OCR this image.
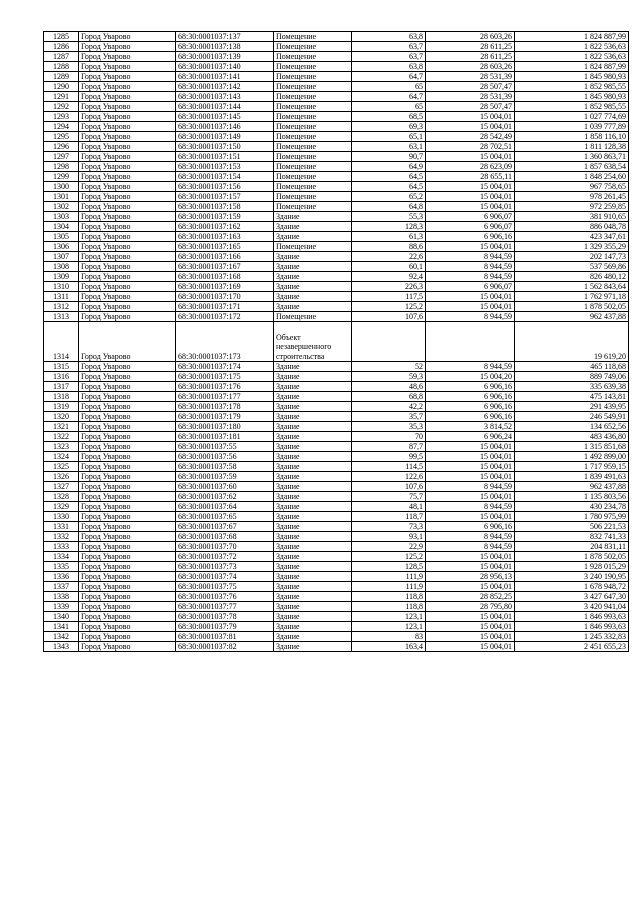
1285	Город Уварово	68:30:0001037:137	Помещение	63,8	28 603,26	1 824 887,99
1286	Город Уварово	68:30:0001037:138	Помещение	63,7	28 611,25	1 822 536,63
1287	Город Уварово	68:30:0001037:139	Помещение	63,7	28 611,25	1 822 536,63
1288	Город Уварово	68:30:0001037:140	Помещение	63,8	28 603,26	1 824 887,99
1289	Город Уварово	68:30:0001037:141	Помещение	64,7	28 531,39	1 845 980,93
1290	Город Уварово	68:30:0001037:142	Помещение	65	28 507,47	1 852 985,55
1291	Город Уварово	68:30:0001037:143	Помещение	64,7	28 531,39	1 845 980,93
1292	Город Уварово	68:30:0001037:144	Помещение	65	28 507,47	1 852 985,55
1293	Город Уварово	68:30:0001037:145	Помещение	68,5	15 004,01	1 027 774,69
1294	Город Уварово	68:30:0001037:146	Помещение	69,3	15 004,01	1 039 777,89
1295	Город Уварово	68:30:0001037:149	Помещение	65,1	28 542,49	1 858 116,10
1296	Город Уварово	68:30:0001037:150	Помещение	63,1	28 702,51	1 811 128,38
1297	Город Уварово	68:30:0001037:151	Помещение	90,7	15 004,01	1 360 863,71
1298	Город Уварово	68:30:0001037:153	Помещение	64,9	28 623,09	1 857 638,54
1299	Город Уварово	68:30:0001037:154	Помещение	64,5	28 655,11	1 848 254,60
1300	Город Уварово	68:30:0001037:156	Помещение	64,5	15 004,01	967 758,65
1301	Город Уварово	68:30:0001037:157	Помещение	65,2	15 004,01	978 261,45
1302	Город Уварово	68:30:0001037:158	Помещение	64,8	15 004,01	972 259,85
1303	Город Уварово	68:30:0001037:159	Здание	55,3	6 906,07	381 910,65
1304	Город Уварово	68:30:0001037:162	Здание	128,3	6 906,07	886 048,78
1305	Город Уварово	68:30:0001037:163	Здание	61,3	6 906,16	423 347,61
1306	Город Уварово	68:30:0001037:165	Помещение	88,6	15 004,01	1 329 355,29
1307	Город Уварово	68:30:0001037:166	Здание	22,6	8 944,59	202 147,73
1308	Город Уварово	68:30:0001037:167	Здание	60,1	8 944,59	537 569,86
1309	Город Уварово	68:30:0001037:168	Здание	92,4	8 944,59	826 480,12
1310	Город Уварово	68:30:0001037:169	Здание	226,3	6 906,07	1 562 843,64
1311	Город Уварово	68:30:0001037:170	Здание	117,5	15 004,01	1 762 971,18
1312	Город Уварово	68:30:0001037:171	Здание	125,2	15 004,01	1 878 502,05
1313	Город Уварово	68:30:0001037:172	Помещение	107,6	8 944,59	962 437,88
1314	Город Уварово	68:30:0001037:173	Объект незавершенного строительства			19 619,20
1315	Город Уварово	68:30:0001037:174	Здание	52	8 944,59	465 118,68
1316	Город Уварово	68:30:0001037:175	Здание	59,3	15 004,20	889 749,06
1317	Город Уварово	68:30:0001037:176	Здание	48,6	6 906,16	335 639,38
1318	Город Уварово	68:30:0001037:177	Здание	68,8	6 906,16	475 143,81
1319	Город Уварово	68:30:0001037:178	Здание	42,2	6 906,16	291 439,95
1320	Город Уварово	68:30:0001037:179	Здание	35,7	6 906,16	246 549,91
1321	Город Уварово	68:30:0001037:180	Здание	35,3	3 814,52	134 652,56
1322	Город Уварово	68:30:0001037:181	Здание	70	6 906,24	483 436,80
1323	Город Уварово	68:30:0001037:55	Здание	87,7	15 004,01	1 315 851,68
1324	Город Уварово	68:30:0001037:56	Здание	99,5	15 004,01	1 492 899,00
1325	Город Уварово	68:30:0001037:58	Здание	114,5	15 004,01	1 717 959,15
1326	Город Уварово	68:30:0001037:59	Здание	122,6	15 004,01	1 839 491,63
1327	Город Уварово	68:30:0001037:60	Здание	107,6	8 944,59	962 437,88
1328	Город Уварово	68:30:0001037:62	Здание	75,7	15 004,01	1 135 803,56
1329	Город Уварово	68:30:0001037:64	Здание	48,1	8 944,59	430 234,78
1330	Город Уварово	68:30:0001037:65	Здание	118,7	15 004,01	1 780 975,99
1331	Город Уварово	68:30:0001037:67	Здание	73,3	6 906,16	506 221,53
1332	Город Уварово	68:30:0001037:68	Здание	93,1	8 944,59	832 741,33
1333	Город Уварово	68:30:0001037:70	Здание	22,9	8 944,59	204 831,11
1334	Город Уварово	68:30:0001037:72	Здание	125,2	15 004,01	1 878 502,05
1335	Город Уварово	68:30:0001037:73	Здание	128,5	15 004,01	1 928 015,29
1336	Город Уварово	68:30:0001037:74	Здание	111,9	28 956,13	3 240 190,95
1337	Город Уварово	68:30:0001037:75	Здание	111,9	15 004,01	1 678 948,72
1338	Город Уварово	68:30:0001037:76	Здание	118,8	28 852,25	3 427 647,30
1339	Город Уварово	68:30:0001037:77	Здание	118,8	28 795,80	3 420 941,04
1340	Город Уварово	68:30:0001037:78	Здание	123,1	15 004,01	1 846 993,63
1341	Город Уварово	68:30:0001037:79	Здание	123,1	15 004,01	1 846 993,63
1342	Город Уварово	68:30:0001037:81	Здание	83	15 004,01	1 245 332,83
1343	Город Уварово	68:30:0001037:82	Здание	163,4	15 004,01	2 451 655,23
